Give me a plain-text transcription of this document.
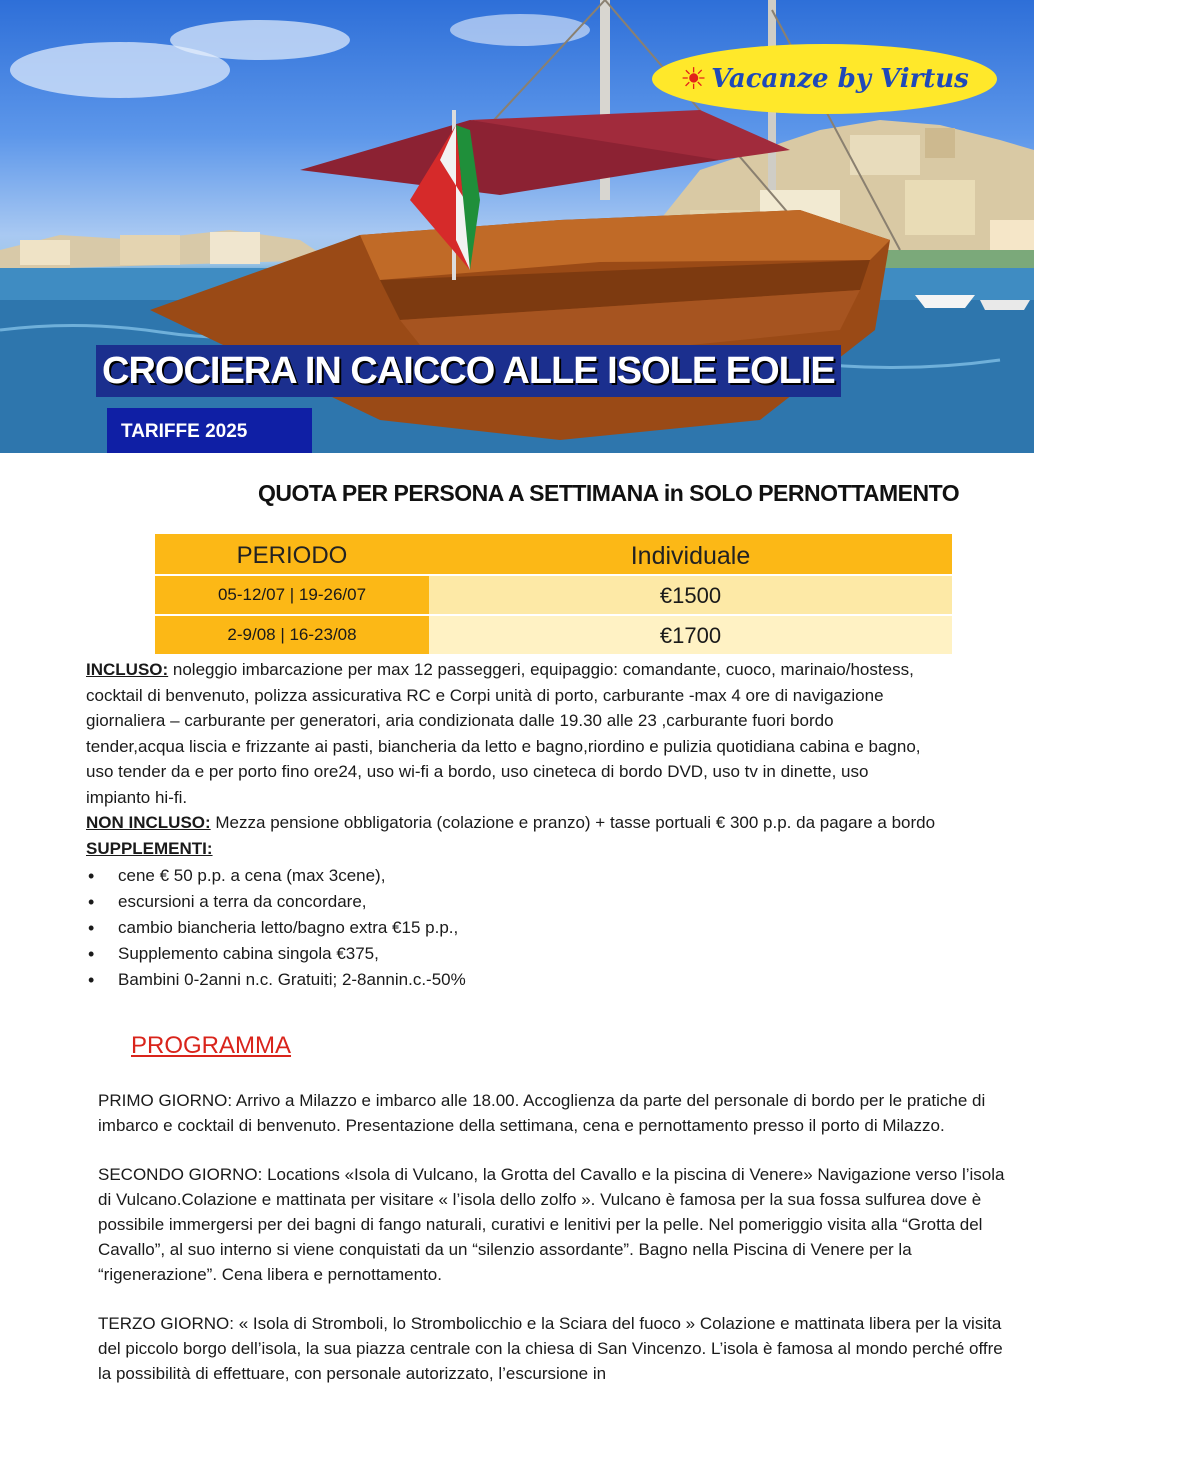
☀ Vacanze by Virtus
CROCIERA IN CAICCO ALLE ISOLE EOLIE
TARIFFE 2025
QUOTA PER PERSONA A SETTIMANA in SOLO PERNOTTAMENTO
PERIODO	Individuale
05-12/07 | 19-26/07	€1500
2-9/08 | 16-23/08	€1700

INCLUSO: noleggio imbarcazione per max 12 passeggeri, equipaggio: comandante, cuoco, marinaio/hostess, cocktail di benvenuto, polizza assicurativa RC e Corpi unità di porto, carburante -max 4 ore di navigazione giornaliera – carburante per generatori, aria condizionata dalle 19.30 alle 23 ,carburante fuori bordo tender,acqua liscia e frizzante ai pasti, biancheria da letto e bagno,riordino e pulizia quotidiana cabina e bagno, uso tender da e per porto fino ore24, uso wi-fi a bordo, uso cineteca di bordo DVD, uso tv in dinette, uso impianto hi-fi.

NON INCLUSO: Mezza pensione obbligatoria (colazione e pranzo) + tasse portuali € 300 p.p. da pagare a bordo

SUPPLEMENTI:

• cene € 50 p.p. a cena (max 3cene),
• escursioni a terra da concordare,
• cambio biancheria letto/bagno extra €15 p.p.,
• Supplemento cabina singola €375,
• Bambini 0-2anni n.c. Gratuiti; 2-8annin.c.-50%
PROGRAMMA

PRIMO GIORNO: Arrivo a Milazzo e imbarco alle 18.00. Accoglienza da parte del personale di bordo per le pratiche di imbarco e cocktail di benvenuto. Presentazione della settimana, cena e pernottamento presso il porto di Milazzo.

SECONDO GIORNO: Locations «Isola di Vulcano, la Grotta del Cavallo e la piscina di Venere» Navigazione verso l’isola di Vulcano.Colazione e mattinata per visitare « l’isola dello zolfo ». Vulcano è famosa per la sua fossa sulfurea dove è possibile immergersi per dei bagni di fango naturali, curativi e lenitivi per la pelle. Nel pomeriggio visita alla “Grotta del Cavallo”, al suo interno si viene conquistati da un “silenzio assordante”. Bagno nella Piscina di Venere per la “rigenerazione”. Cena libera e pernottamento.

TERZO GIORNO: « Isola di Stromboli, lo Strombolicchio e la Sciara del fuoco » Colazione e mattinata libera per la visita del piccolo borgo dell’isola, la sua piazza centrale con la chiesa di San Vincenzo. L’isola è famosa al mondo perché offre la possibilità di effettuare, con personale autorizzato, l’escursione in
